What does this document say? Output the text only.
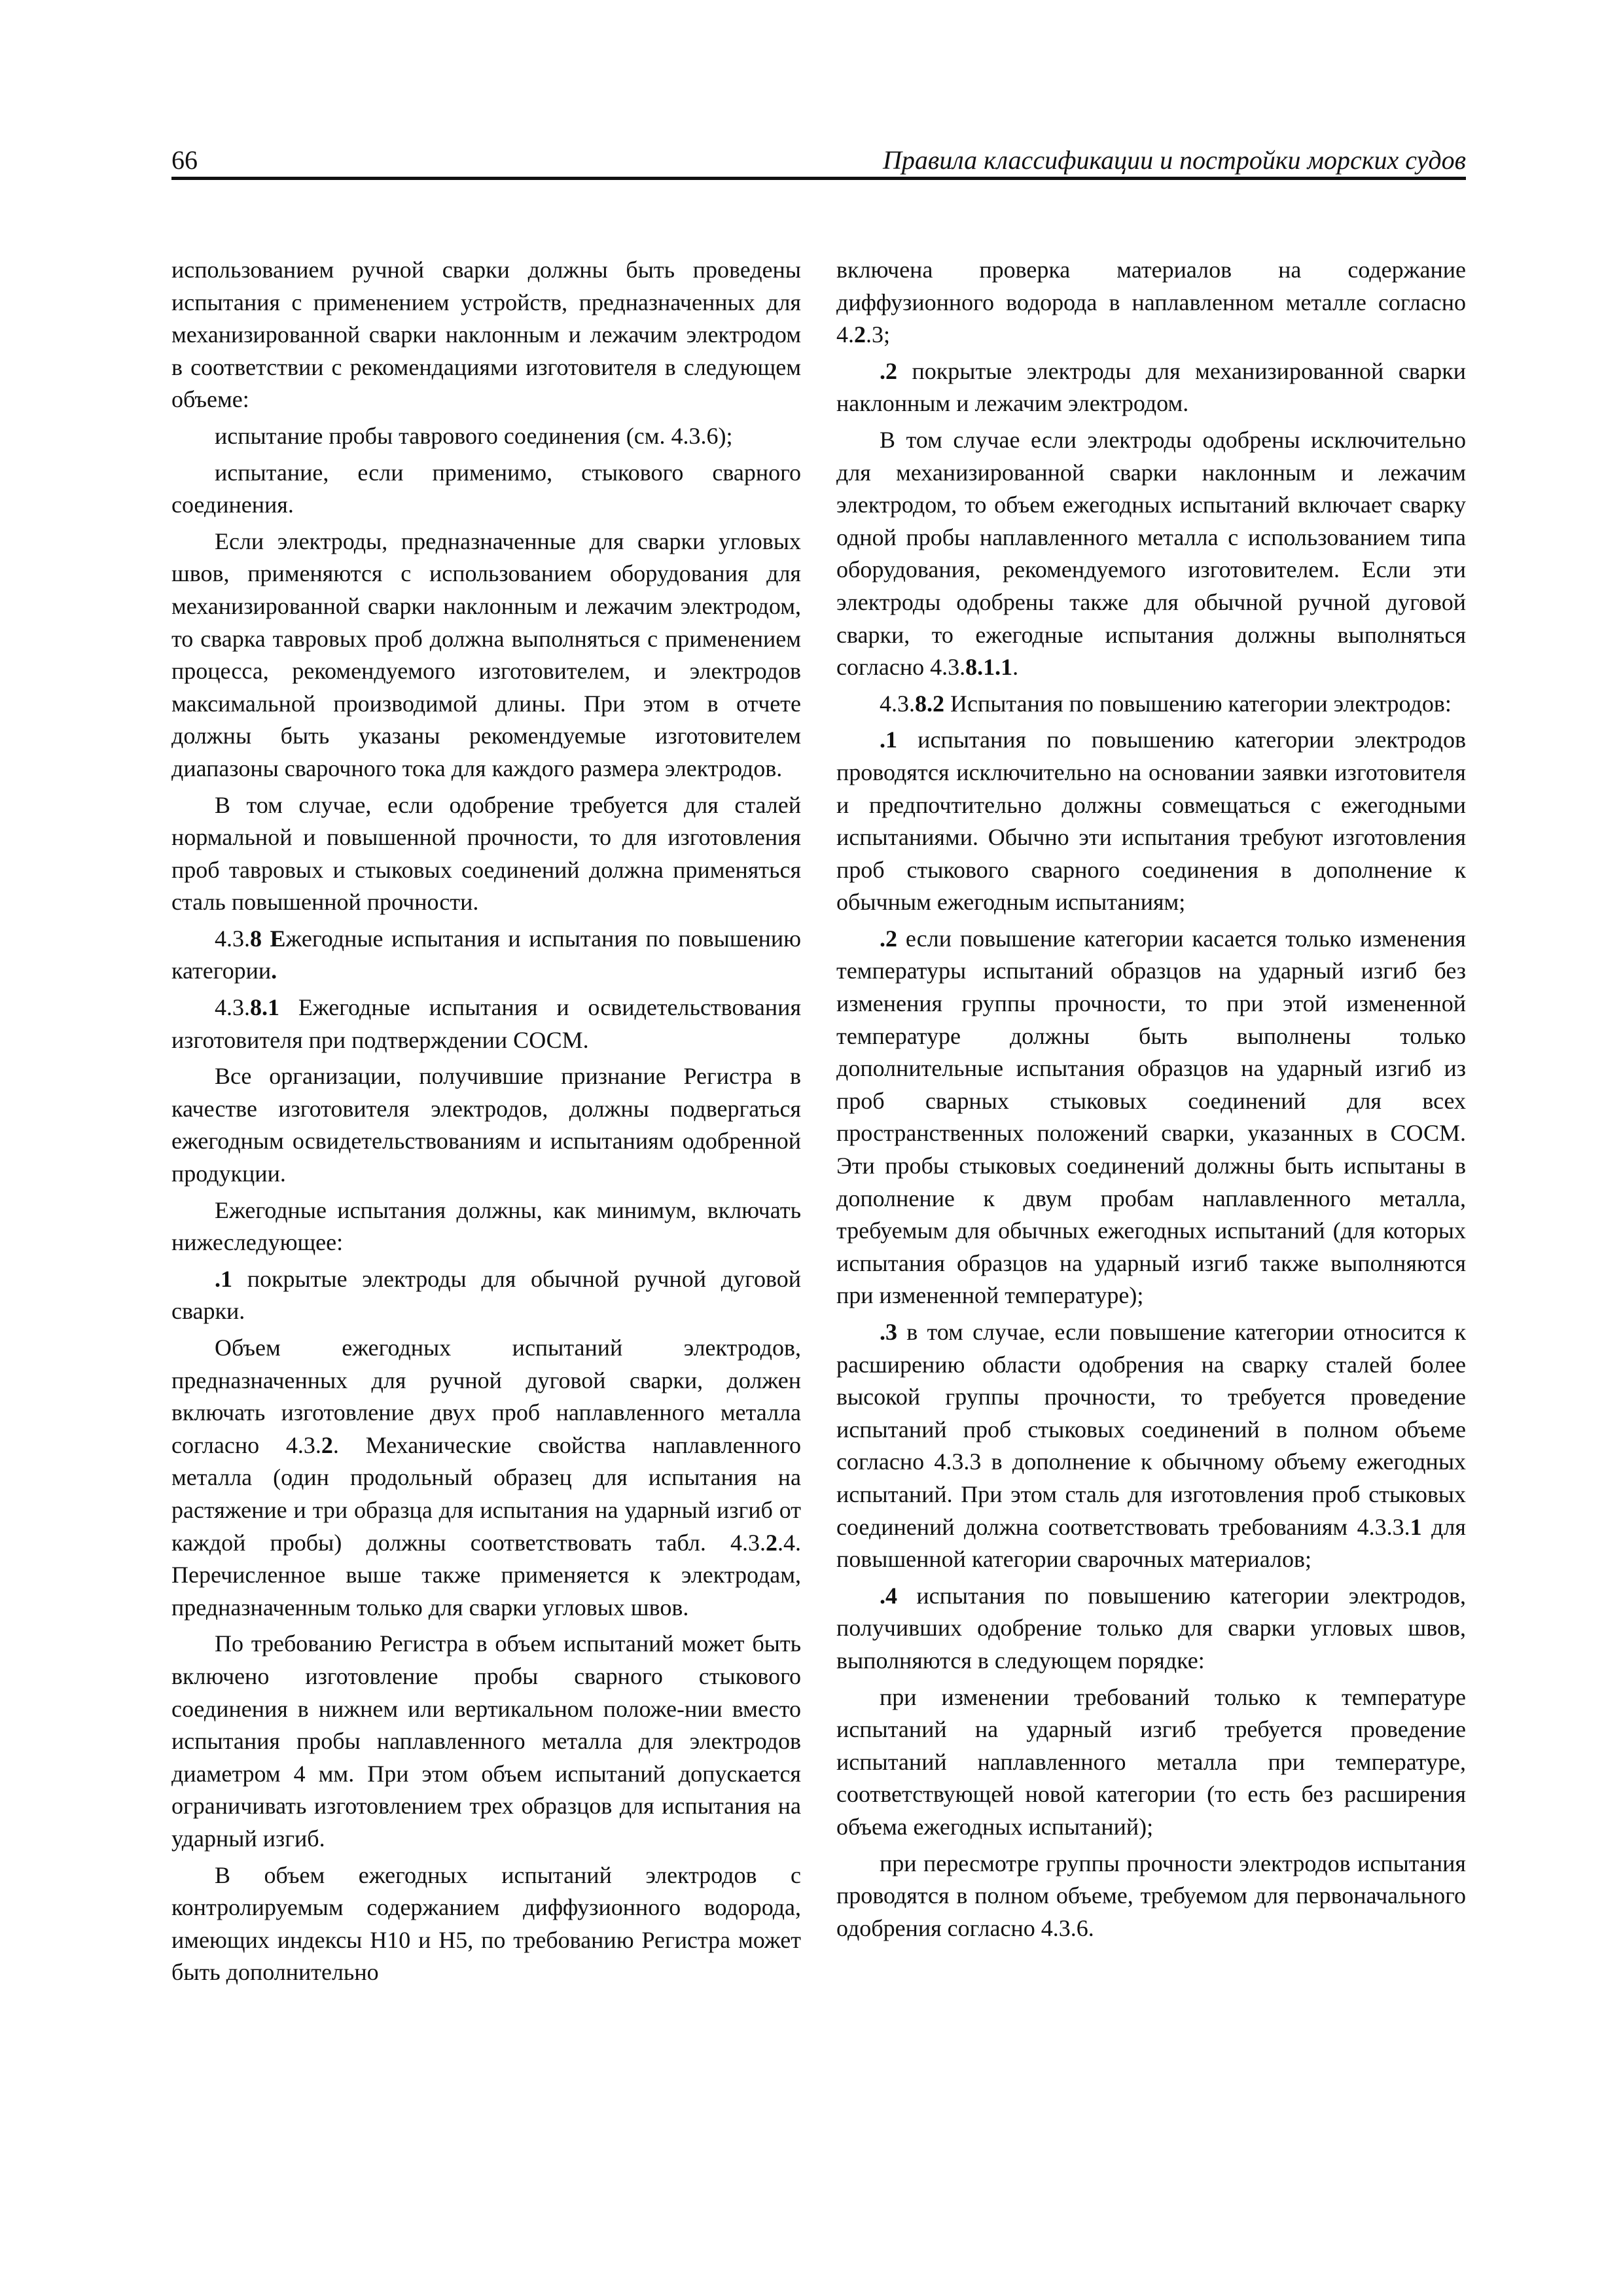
66	Правила классификации и постройки морских судов

использованием ручной сварки должны быть проведены испытания с применением устройств, предназначенных для механизированной сварки наклонным и лежачим электродом в соответствии с рекомендациями изготовителя в следующем объеме:

испытание пробы таврового соединения (см. 4.3.6);

испытание, если применимо, стыкового сварного соединения.

Если электроды, предназначенные для сварки угловых швов, применяются с использованием оборудования для механизированной сварки наклонным и лежачим электродом, то сварка тавровых проб должна выполняться с применением процесса, рекомендуемого изготовителем, и электродов максимальной производимой длины. При этом в отчете должны быть указаны рекомендуемые изготовителем диапазоны сварочного тока для каждого размера электродов.

В том случае, если одобрение требуется для сталей нормальной и повышенной прочности, то для изготовления проб тавровых и стыковых соединений должна применяться сталь повышенной прочности.

4.3.8 Ежегодные испытания и испытания по повышению категории.

4.3.8.1 Ежегодные испытания и освидетельствования изготовителя при подтверждении СОСМ.

Все организации, получившие признание Регистра в качестве изготовителя электродов, должны подвергаться ежегодным освидетельствованиям и испытаниям одобренной продукции.

Ежегодные испытания должны, как минимум, включать нижеследующее:

.1 покрытые электроды для обычной ручной дуговой сварки.

Объем ежегодных испытаний электродов, предназначенных для ручной дуговой сварки, должен включать изготовление двух проб наплавленного металла согласно 4.3.2. Механические свойства наплавленного металла (один продольный образец для испытания на растяжение и три образца для испытания на ударный изгиб от каждой пробы) должны соответствовать табл. 4.3.2.4. Перечисленное выше также применяется к электродам, предназначенным только для сварки угловых швов.

По требованию Регистра в объем испытаний может быть включено изготовление пробы сварного стыкового соединения в нижнем или вертикальном положе-нии вместо испытания пробы наплавленного металла для электродов диаметром 4 мм. При этом объем испытаний допускается ограничивать изготовлением трех образцов для испытания на ударный изгиб.

В объем ежегодных испытаний электродов с контролируемым содержанием диффузионного водорода, имеющих индексы H10 и H5, по требованию Регистра может быть дополнительно

включена проверка материалов на содержание диффузионного водорода в наплавленном металле согласно 4.2.3;

.2 покрытые электроды для механизированной сварки наклонным и лежачим электродом.

В том случае если электроды одобрены исключительно для механизированной сварки наклонным и лежачим электродом, то объем ежегодных испытаний включает сварку одной пробы наплавленного металла с использованием типа оборудования, рекомендуемого изготовителем. Если эти электроды одобрены также для обычной ручной дуговой сварки, то ежегодные испытания должны выполняться согласно 4.3.8.1.1.

4.3.8.2 Испытания по повышению категории электродов:

.1 испытания по повышению категории электродов проводятся исключительно на основании заявки изготовителя и предпочтительно должны совмещаться с ежегодными испытаниями. Обычно эти испытания требуют изготовления проб стыкового сварного соединения в дополнение к обычным ежегодным испытаниям;

.2 если повышение категории касается только изменения температуры испытаний образцов на ударный изгиб без изменения группы прочности, то при этой измененной температуре должны быть выполнены только дополнительные испытания образцов на ударный изгиб из проб сварных стыковых соединений для всех пространственных положений сварки, указанных в СОСМ. Эти пробы стыковых соединений должны быть испытаны в дополнение к двум пробам наплавленного металла, требуемым для обычных ежегодных испытаний (для которых испытания образцов на ударный изгиб также выполняются при измененной температуре);

.3 в том случае, если повышение категории относится к расширению области одобрения на сварку сталей более высокой группы прочности, то требуется проведение испытаний проб стыковых соединений в полном объеме согласно 4.3.3 в дополнение к обычному объему ежегодных испытаний. При этом сталь для изготовления проб стыковых соединений должна соответствовать требованиям 4.3.3.1 для повышенной категории сварочных материалов;

.4 испытания по повышению категории электродов, получивших одобрение только для сварки угловых швов, выполняются в следующем порядке:

при изменении требований только к температуре испытаний на ударный изгиб требуется проведение испытаний наплавленного металла при температуре, соответствующей новой категории (то есть без расширения объема ежегодных испытаний);

при пересмотре группы прочности электродов испытания проводятся в полном объеме, требуемом для первоначального одобрения согласно 4.3.6.
